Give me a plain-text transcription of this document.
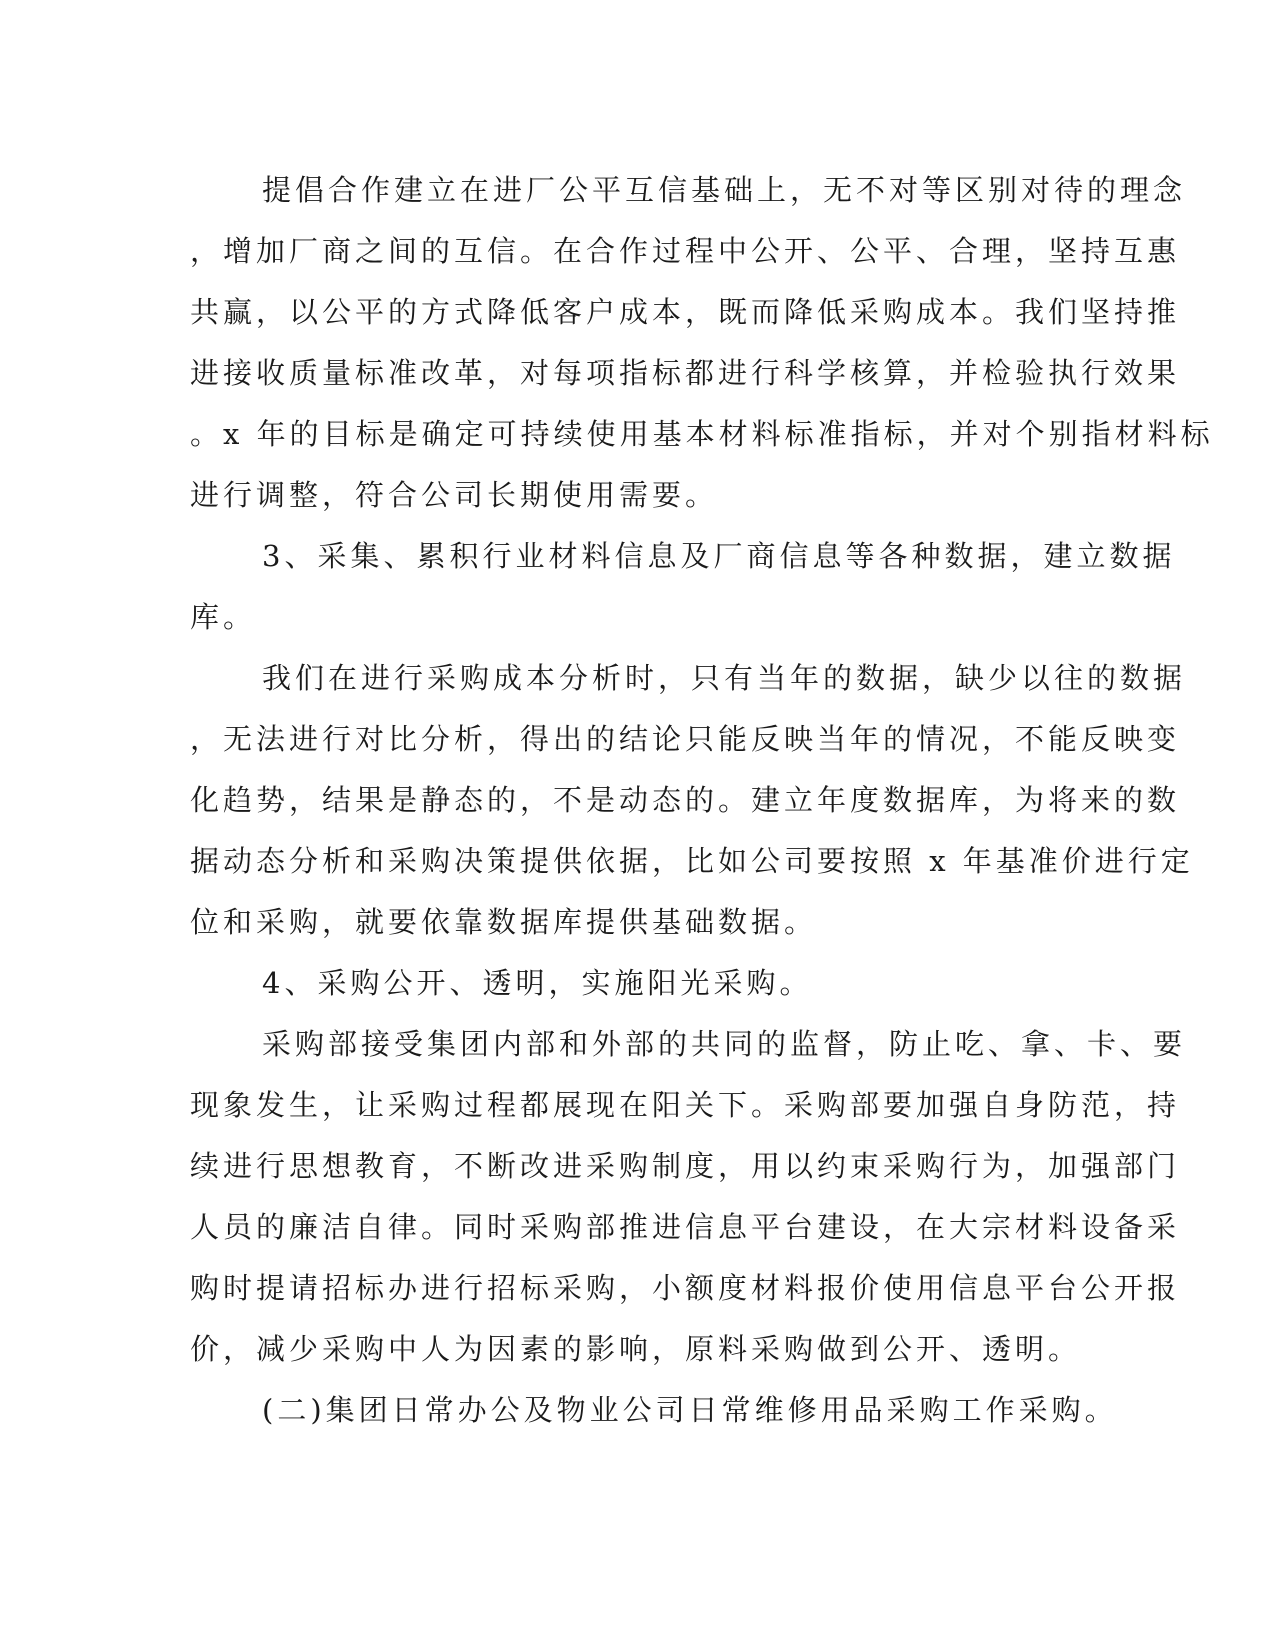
提倡合作建立在进厂公平互信基础上，无不对等区别对待的理念
，增加厂商之间的互信。在合作过程中公开、公平、合理，坚持互惠
共赢，以公平的方式降低客户成本，既而降低采购成本。我们坚持推
进接收质量标准改革，对每项指标都进行科学核算，并检验执行效果
。x 年的目标是确定可持续使用基本材料标准指标，并对个别指材料标
进行调整，符合公司长期使用需要。
3、采集、累积行业材料信息及厂商信息等各种数据，建立数据
库。
我们在进行采购成本分析时，只有当年的数据，缺少以往的数据
，无法进行对比分析，得出的结论只能反映当年的情况，不能反映变
化趋势，结果是静态的，不是动态的。建立年度数据库，为将来的数
据动态分析和采购决策提供依据，比如公司要按照 x 年基准价进行定
位和采购，就要依靠数据库提供基础数据。
4、采购公开、透明，实施阳光采购。
采购部接受集团内部和外部的共同的监督，防止吃、拿、卡、要
现象发生，让采购过程都展现在阳关下。采购部要加强自身防范，持
续进行思想教育，不断改进采购制度，用以约束采购行为，加强部门
人员的廉洁自律。同时采购部推进信息平台建设，在大宗材料设备采
购时提请招标办进行招标采购，小额度材料报价使用信息平台公开报
价，减少采购中人为因素的影响，原料采购做到公开、透明。
(二)集团日常办公及物业公司日常维修用品采购工作采购。
